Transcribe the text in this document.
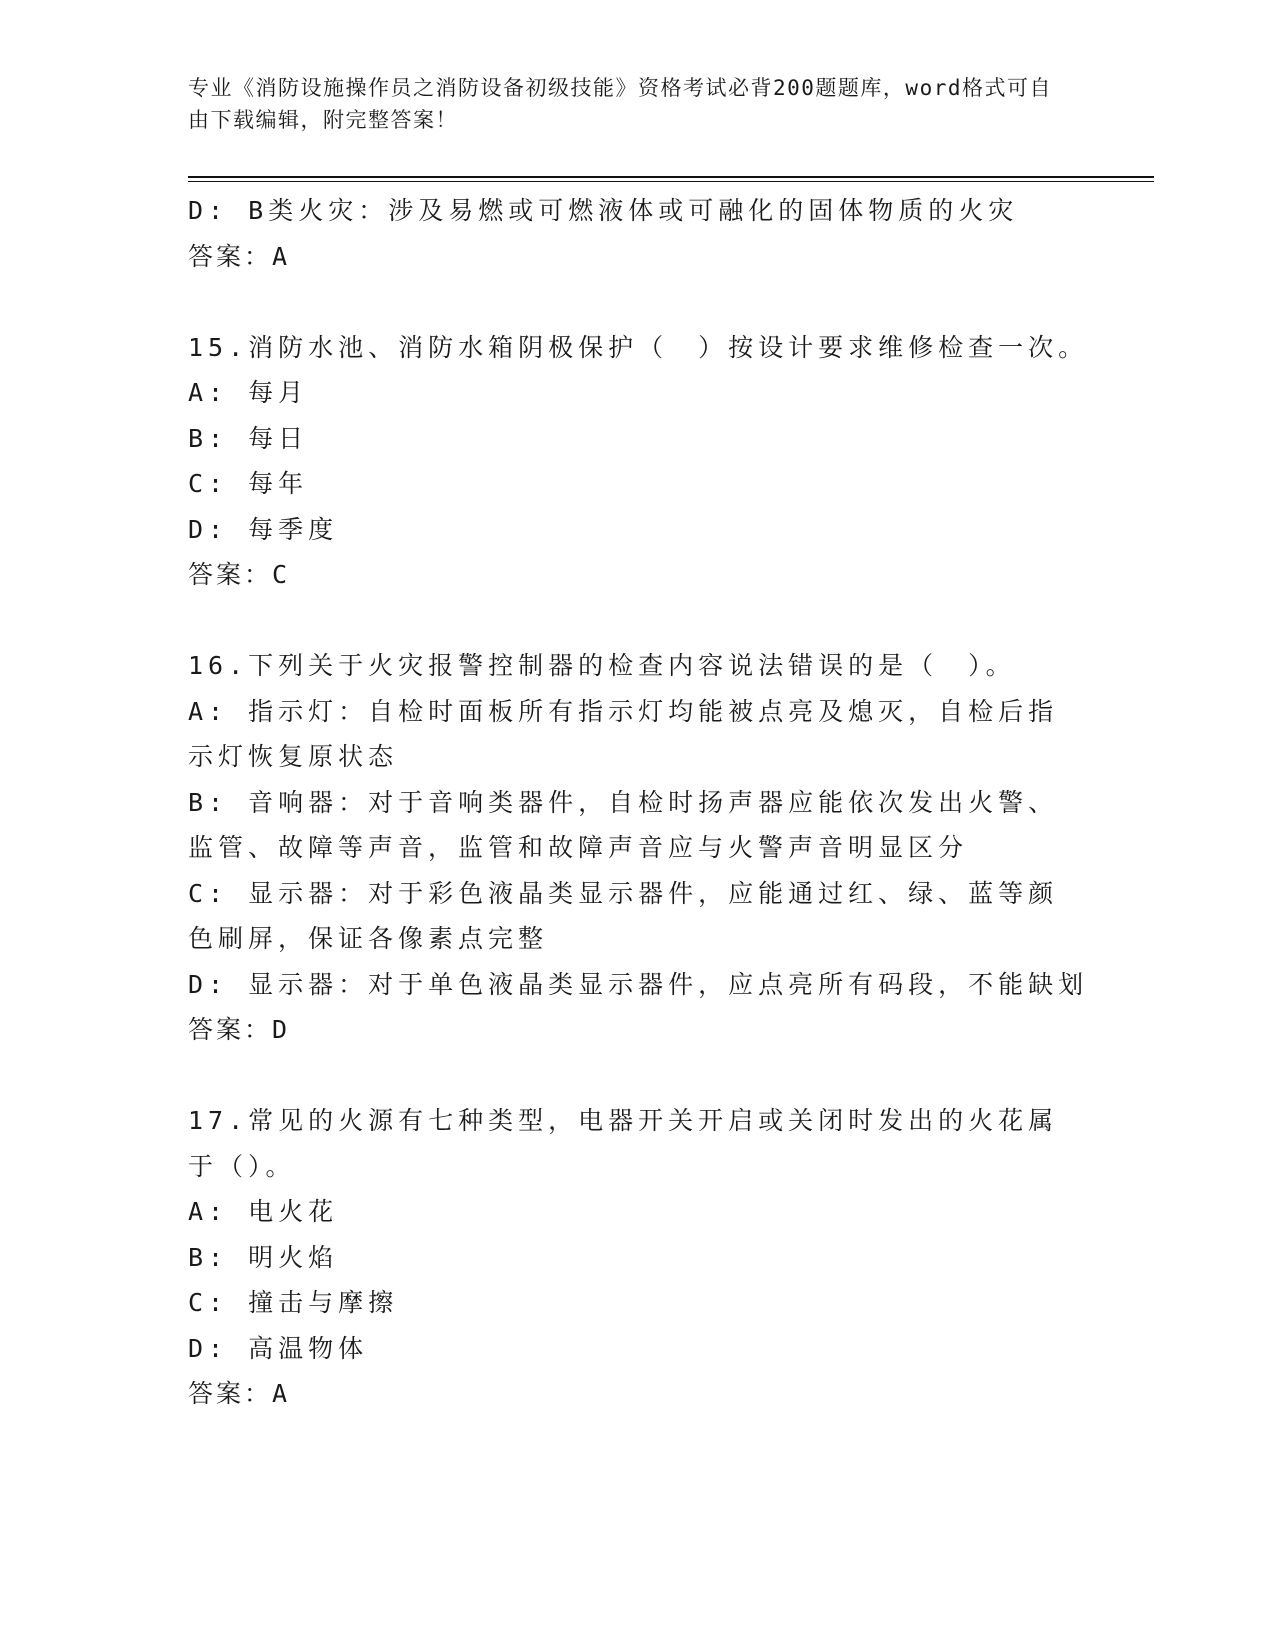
专业《消防设施操作员之消防设备初级技能》资格考试必背200题题库，word格式可自由下载编辑，附完整答案！
D: B类火灾：涉及易燃或可燃液体或可融化的固体物质的火灾
答案：A
15.消防水池、消防水箱阴极保护（　）按设计要求维修检查一次。
A: 每月
B: 每日
C: 每年
D: 每季度
答案：C
16.下列关于火灾报警控制器的检查内容说法错误的是（　）。
A: 指示灯：自检时面板所有指示灯均能被点亮及熄灭，自检后指示灯恢复原状态
B: 音响器：对于音响类器件，自检时扬声器应能依次发出火警、监管、故障等声音，监管和故障声音应与火警声音明显区分
C: 显示器：对于彩色液晶类显示器件，应能通过红、绿、蓝等颜色刷屏，保证各像素点完整
D: 显示器：对于单色液晶类显示器件，应点亮所有码段，不能缺划
答案：D
17.常见的火源有七种类型，电器开关开启或关闭时发出的火花属于（）。
A: 电火花
B: 明火焰
C: 撞击与摩擦
D: 高温物体
答案：A
